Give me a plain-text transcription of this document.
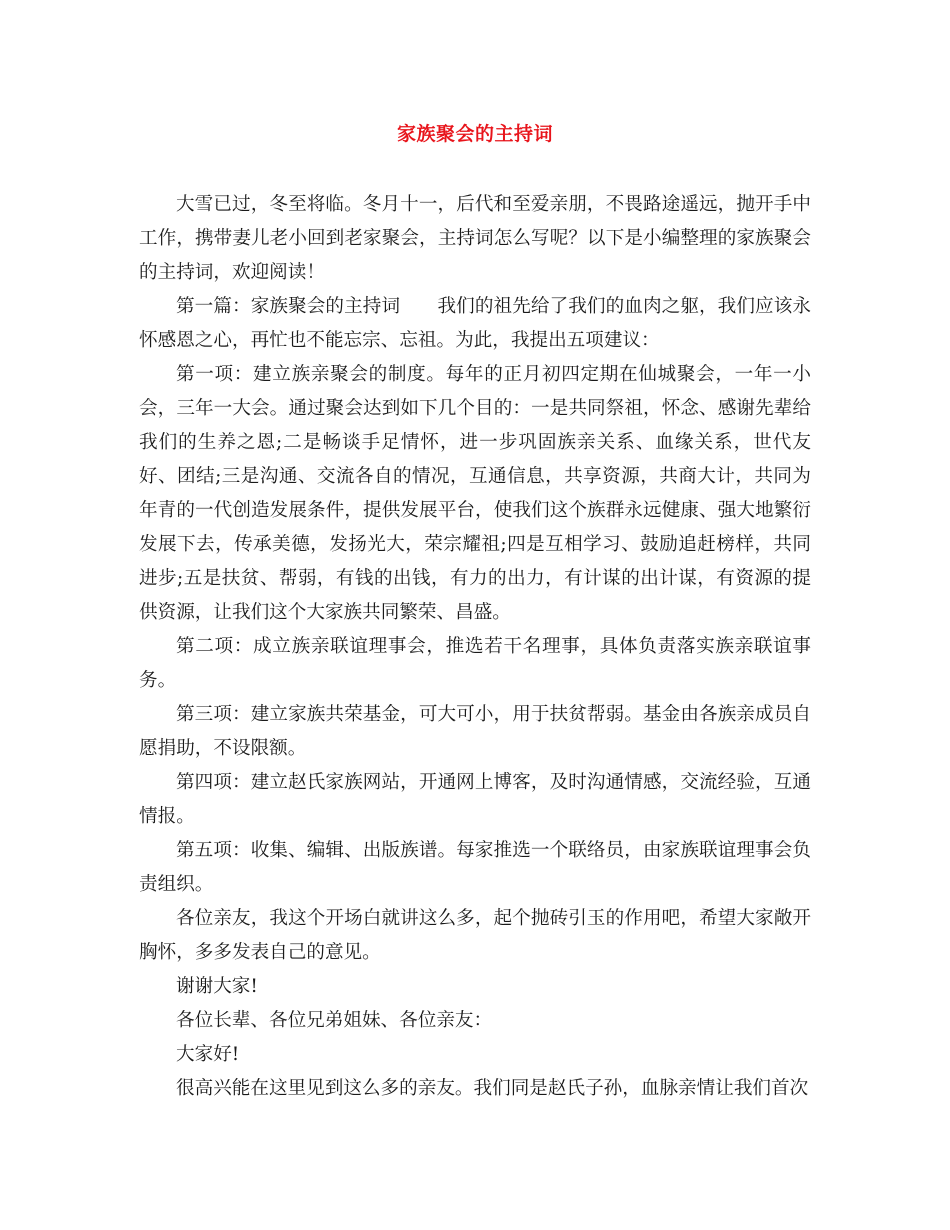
家族聚会的主持词

大雪已过，冬至将临。冬月十一，后代和至爱亲朋，不畏路途遥远，抛开手中工作，携带妻儿老小回到老家聚会，主持词怎么写呢？以下是小编整理的家族聚会的主持词，欢迎阅读！

第一篇：家族聚会的主持词　　我们的祖先给了我们的血肉之躯，我们应该永怀感恩之心，再忙也不能忘宗、忘祖。为此，我提出五项建议：

第一项：建立族亲聚会的制度。每年的正月初四定期在仙城聚会，一年一小会，三年一大会。通过聚会达到如下几个目的：一是共同祭祖，怀念、感谢先辈给我们的生养之恩;二是畅谈手足情怀，进一步巩固族亲关系、血缘关系，世代友好、团结;三是沟通、交流各自的情况，互通信息，共享资源，共商大计，共同为年青的一代创造发展条件，提供发展平台，使我们这个族群永远健康、强大地繁衍发展下去，传承美德，发扬光大，荣宗耀祖;四是互相学习、鼓励追赶榜样，共同进步;五是扶贫、帮弱，有钱的出钱，有力的出力，有计谋的出计谋，有资源的提供资源，让我们这个大家族共同繁荣、昌盛。

第二项：成立族亲联谊理事会，推选若干名理事，具体负责落实族亲联谊事务。

第三项：建立家族共荣基金，可大可小，用于扶贫帮弱。基金由各族亲成员自愿捐助，不设限额。

第四项：建立赵氏家族网站，开通网上博客，及时沟通情感，交流经验，互通情报。

第五项：收集、编辑、出版族谱。每家推选一个联络员，由家族联谊理事会负责组织。

各位亲友，我这个开场白就讲这么多，起个抛砖引玉的作用吧，希望大家敞开胸怀，多多发表自己的意见。

谢谢大家!

各位长辈、各位兄弟姐妹、各位亲友：

大家好!

很高兴能在这里见到这么多的亲友。我们同是赵氏子孙，血脉亲情让我们首次
